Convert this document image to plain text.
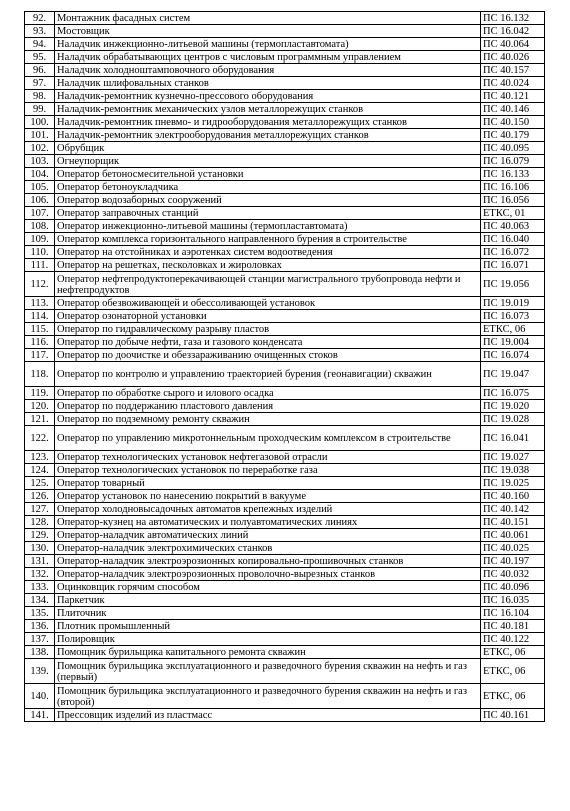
92.	Монтажник фасадных систем	ПС 16.132
93.	Мостовщик	ПС 16.042
94.	Наладчик инжекционно-литьевой машины (термопластавтомата)	ПС 40.064
95.	Наладчик обрабатывающих центров с числовым программным управлением	ПС 40.026
96.	Наладчик холодноштамповочного оборудования	ПС 40.157
97.	Наладчик шлифовальных станков	ПС 40.024
98.	Наладчик-ремонтник кузнечно-прессового оборудования	ПС 40.121
99.	Наладчик-ремонтник механических узлов металлорежущих станков	ПС 40.146
100.	Наладчик-ремонтник пневмо- и гидрооборудования металлорежущих станков	ПС 40.150
101.	Наладчик-ремонтник электрооборудования металлорежущих станков	ПС 40.179
102.	Обрубщик	ПС 40.095
103.	Огнеупорщик	ПС 16.079
104.	Оператор бетоносмесительной установки	ПС 16.133
105.	Оператор бетоноукладчика	ПС 16.106
106.	Оператор водозаборных сооружений	ПС 16.056
107.	Оператор заправочных станций	ЕТКС, 01
108.	Оператор инжекционно-литьевой машины (термопластавтомата)	ПС 40.063
109.	Оператор комплекса горизонтального направленного бурения в строительстве	ПС 16.040
110.	Оператор на отстойниках и аэротенках систем водоотведения	ПС 16.072
111.	Оператор на решетках, песколовках и жироловках	ПС 16.071
112.	Оператор нефтепродуктоперекачивающей станции магистрального трубопровода нефти и нефтепродуктов	ПС 19.056
113.	Оператор обезвоживающей и обессоливающей установок	ПС 19.019
114.	Оператор озонаторной установки	ПС 16.073
115.	Оператор по гидравлическому разрыву пластов	ЕТКС, 06
116.	Оператор по добыче нефти, газа и газового конденсата	ПС 19.004
117.	Оператор по доочистке и обеззараживанию очищенных стоков	ПС 16.074
118.	Оператор по контролю и управлению траекторией бурения (геонавигации) скважин	ПС 19.047
119.	Оператор по обработке сырого и илового осадка	ПС 16.075
120.	Оператор по поддержанию пластового давления	ПС 19.020
121.	Оператор по подземному ремонту скважин	ПС 19.028
122.	Оператор по управлению микротоннельным проходческим комплексом в строительстве	ПС 16.041
123.	Оператор технологических установок нефтегазовой отрасли	ПС 19.027
124.	Оператор технологических установок по переработке газа	ПС 19.038
125.	Оператор товарный	ПС 19.025
126.	Оператор установок по нанесению покрытий в вакууме	ПС 40.160
127.	Оператор холодновысадочных автоматов крепежных изделий	ПС 40.142
128.	Оператор-кузнец на автоматических и полуавтоматических линиях	ПС 40.151
129.	Оператор-наладчик автоматических линий	ПС 40.061
130.	Оператор-наладчик электрохимических станков	ПС 40.025
131.	Оператор-наладчик электроэрозионных копировально-прошивочных станков	ПС 40.197
132.	Оператор-наладчик электроэрозионных проволочно-вырезных станков	ПС 40.032
133.	Оцинковщик горячим способом	ПС 40.096
134.	Паркетчик	ПС 16.035
135.	Плиточник	ПС 16.104
136.	Плотник промышленный	ПС 40.181
137.	Полировщик	ПС 40.122
138.	Помощник бурильщика капитального ремонта скважин	ЕТКС, 06
139.	Помощник бурильщика эксплуатационного и разведочного бурения скважин на нефть и газ (первый)	ЕТКС, 06
140.	Помощник бурильщика эксплуатационного и разведочного бурения скважин на нефть и газ (второй)	ЕТКС, 06
141.	Прессовщик изделий из пластмасс	ПС 40.161
